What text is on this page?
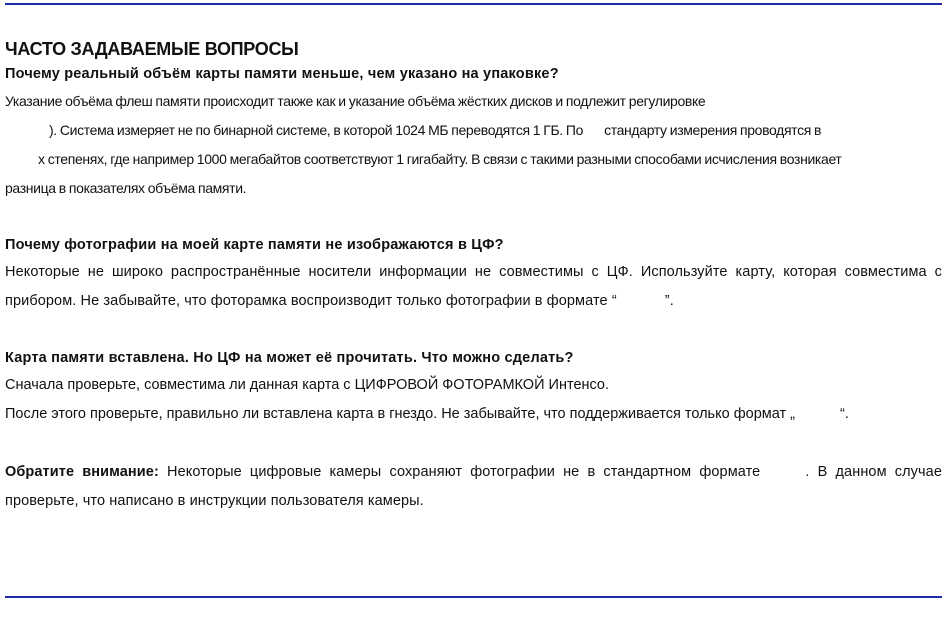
ЧАСТО ЗАДАВАЕМЫЕ ВОПРОСЫ

Почему реальный объём карты памяти меньше, чем указано на упаковке?

Указание объёма флеш памяти происходит также как и указание объёма жёстких дисков и подлежит регулировке
). Система измеряет не по бинарной системе, в которой 1024 МБ переводятся 1 ГБ. По стандарту измерения проводятся в
х степенях, где например 1000 мегабайтов соответствуют 1 гигабайту. В связи с такими разными способами исчисления возникает
разница в показателях объёма памяти.

Почему фотографии на моей карте памяти не изображаются в ЦФ?

Некоторые не широко распространённые носители информации не совместимы с ЦФ. Используйте карту, которая совместима с прибором. Не забывайте, что фоторамка воспроизводит только фотографии в формате “	”.

Карта памяти вставлена. Но ЦФ на может её прочитать. Что можно сделать?

Сначала проверьте, совместима ли данная карта с ЦИФРОВОЙ ФОТОРАМКОЙ Интенсо.
После этого проверьте, правильно ли вставлена карта в гнездо. Не забывайте, что поддерживается только формат „	“.

Обратите внимание: Некоторые цифровые камеры сохраняют фотографии не в стандартном формате	. В данном случае проверьте, что написано в инструкции пользователя камеры.
